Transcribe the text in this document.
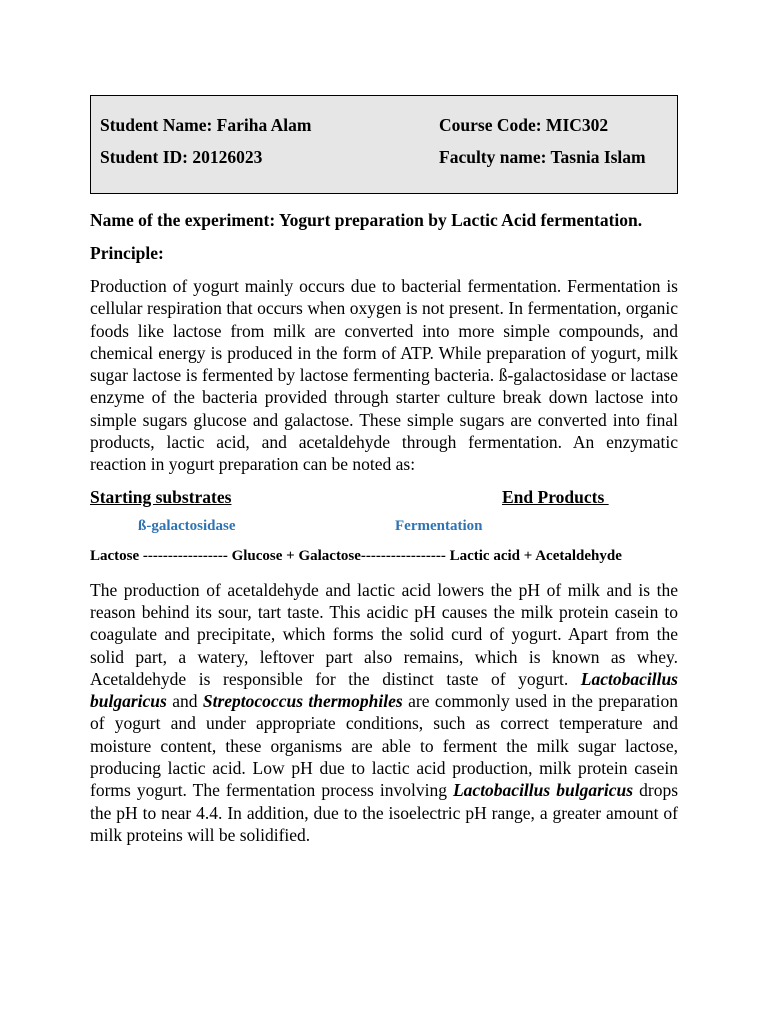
Student Name: Fariha Alam
Student ID: 20126023
Course Code: MIC302
Faculty name: Tasnia Islam
Name of the experiment: Yogurt preparation by Lactic Acid fermentation.
Principle:

Production of yogurt mainly occurs due to bacterial fermentation. Fermentation is cellular respiration that occurs when oxygen is not present. In fermentation, organic foods like lactose from milk are converted into more simple compounds, and chemical energy is produced in the form of ATP. While preparation of yogurt, milk sugar lactose is fermented by lactose fermenting bacteria. ß-galactosidase or lactase enzyme of the bacteria provided through starter culture break down lactose into simple sugars glucose and galactose. These simple sugars are converted into final products, lactic acid, and acetaldehyde through fermentation. An enzymatic reaction in yogurt preparation can be noted as:

Starting substrates	End Products
ß-galactosidase	Fermentation
Lactose ----------------- Glucose + Galactose----------------- Lactic acid + Acetaldehyde

The production of acetaldehyde and lactic acid lowers the pH of milk and is the reason behind its sour, tart taste. This acidic pH causes the milk protein casein to coagulate and precipitate, which forms the solid curd of yogurt. Apart from the solid part, a watery, leftover part also remains, which is known as whey. Acetaldehyde is responsible for the distinct taste of yogurt. Lactobacillus bulgaricus and Streptococcus thermophiles are commonly used in the preparation of yogurt and under appropriate conditions, such as correct temperature and moisture content, these organisms are able to ferment the milk sugar lactose, producing lactic acid. Low pH due to lactic acid production, milk protein casein forms yogurt. The fermentation process involving Lactobacillus bulgaricus drops the pH to near 4.4. In addition, due to the isoelectric pH range, a greater amount of milk proteins will be solidified.
